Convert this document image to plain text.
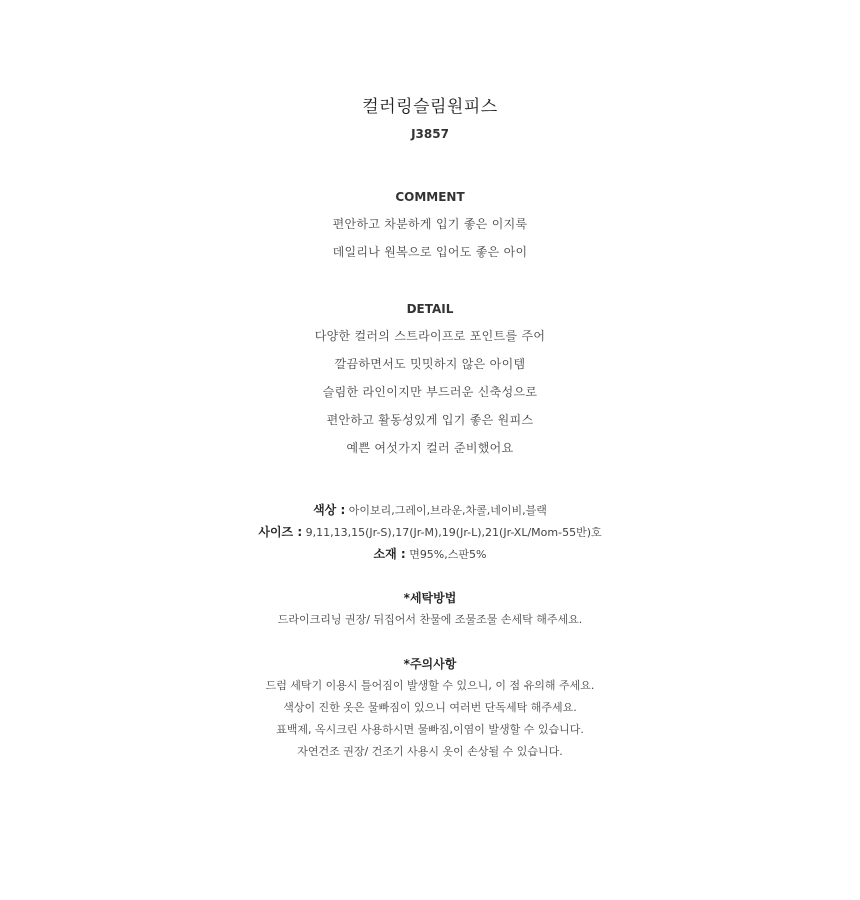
컬러링슬림원피스
J3857
COMMENT
편안하고 차분하게 입기 좋은 이지룩
데일리나 원복으로 입어도 좋은 아이
DETAIL
다양한 컬러의 스트라이프로 포인트를 주어
깔끔하면서도 밋밋하지 않은 아이템
슬림한 라인이지만 부드러운 신축성으로
편안하고 활동성있게 입기 좋은 원피스
예쁜 여섯가지 컬러 준비했어요
색상 : 아이보리,그레이,브라운,차콜,네이비,블랙
사이즈 : 9,11,13,15(Jr-S),17(Jr-M),19(Jr-L),21(Jr-XL/Mom-55반)호
소재 : 면95%,스판5%
*세탁방법
드라이크리닝 권장/ 뒤집어서 찬물에 조물조물 손세탁 해주세요.
*주의사항
드럼 세탁기 이용시 틀어짐이 발생할 수 있으니, 이 점 유의해 주세요.
색상이 진한 옷은 물빠짐이 있으니 여러번 단독세탁 해주세요.
표백제, 옥시크린 사용하시면 물빠짐,이염이 발생할 수 있습니다.
자연건조 권장/ 건조기 사용시 옷이 손상될 수 있습니다.
